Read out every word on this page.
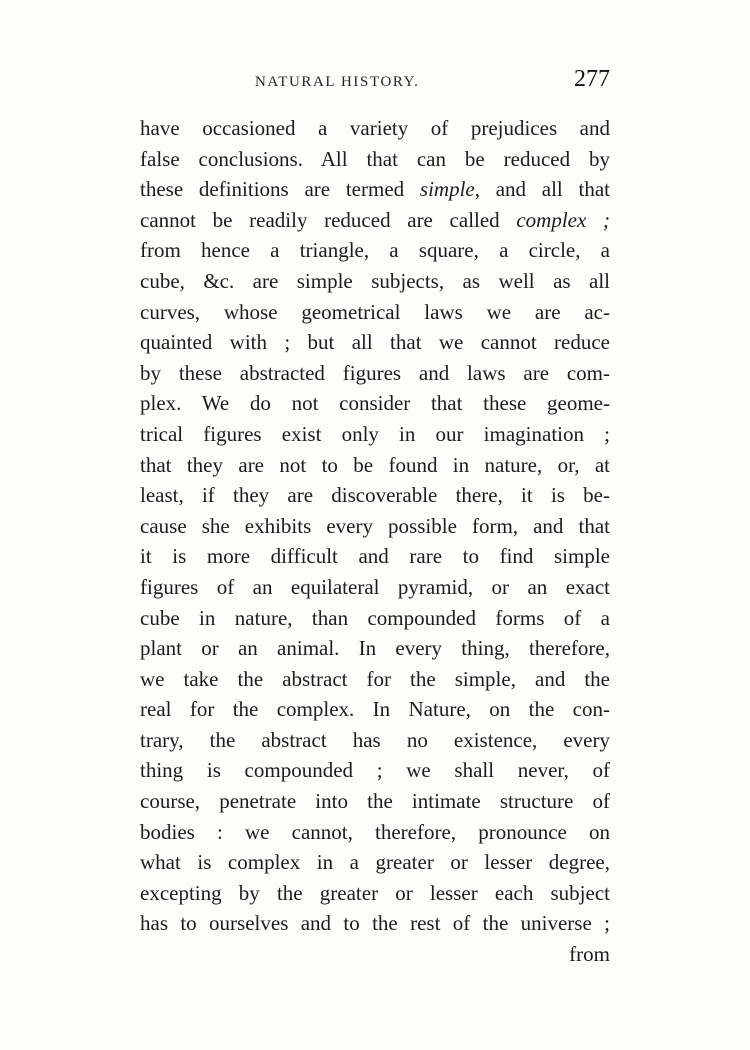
NATURAL HISTORY.	277
have occasioned a variety of prejudices and
false conclusions. All that can be reduced by
these definitions are termed simple, and all that
cannot be readily reduced are called complex ;
from hence a triangle, a square, a circle, a
cube, &c. are simple subjects, as well as all
curves, whose geometrical laws we are ac-
quainted with ; but all that we cannot reduce
by these abstracted figures and laws are com-
plex. We do not consider that these geome-
trical figures exist only in our imagination ;
that they are not to be found in nature, or, at
least, if they are discoverable there, it is be-
cause she exhibits every possible form, and that
it is more difficult and rare to find simple
figures of an equilateral pyramid, or an exact
cube in nature, than compounded forms of a
plant or an animal. In every thing, therefore,
we take the abstract for the simple, and the
real for the complex. In Nature, on the con-
trary, the abstract has no existence, every
thing is compounded ; we shall never, of
course, penetrate into the intimate structure of
bodies : we cannot, therefore, pronounce on
what is complex in a greater or lesser degree,
excepting by the greater or lesser each subject
has to ourselves and to the rest of the universe ;
from
